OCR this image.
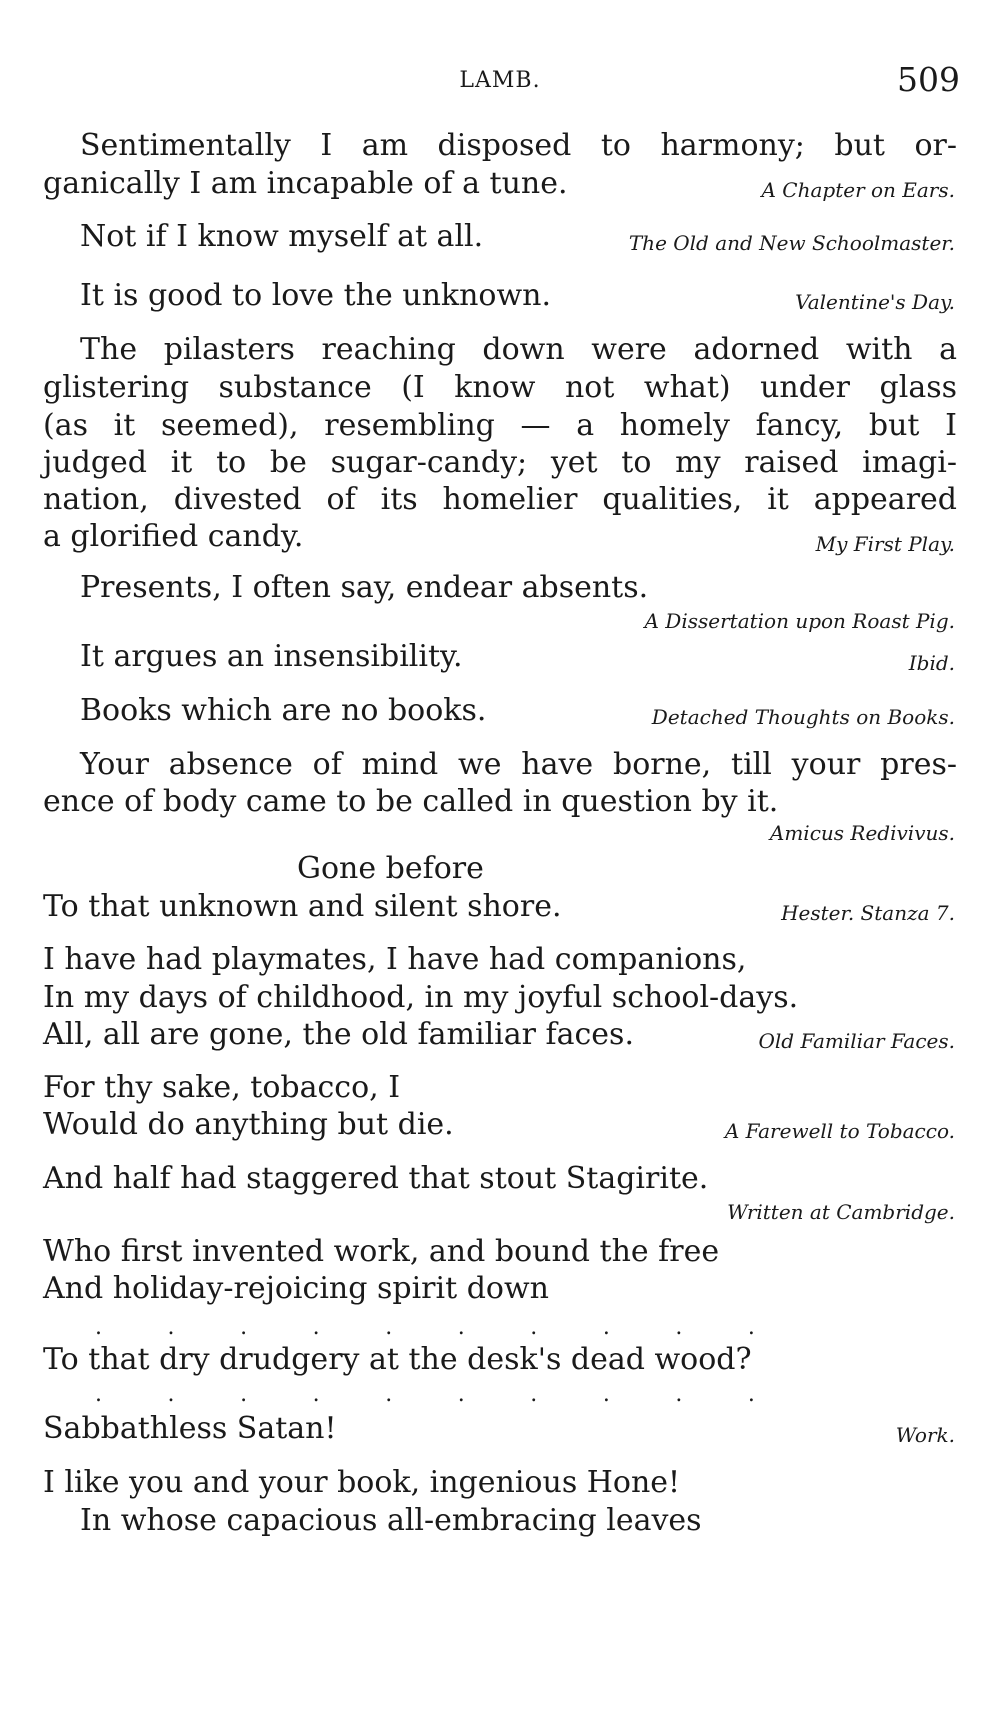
LAMB.	509
Sentimentally I am disposed to harmony; but or-
ganically I am incapable of a tune.	A Chapter on Ears.
Not if I know myself at all.	The Old and New Schoolmaster.
It is good to love the unknown.	Valentine's Day.
The pilasters reaching down were adorned with a
glistering substance (I know not what) under glass
(as it seemed), resembling — a homely fancy, but I
judged it to be sugar-candy; yet to my raised imagi-
nation, divested of its homelier qualities, it appeared
a glorified candy.	My First Play.
Presents, I often say, endear absents.
A Dissertation upon Roast Pig.
It argues an insensibility.	Ibid.
Books which are no books.	Detached Thoughts on Books.
Your absence of mind we have borne, till your pres-
ence of body came to be called in question by it.
Amicus Redivivus.
Gone before
To that unknown and silent shore.	Hester. Stanza 7.
I have had playmates, I have had companions,
In my days of childhood, in my joyful school-days.
All, all are gone, the old familiar faces.	Old Familiar Faces.
For thy sake, tobacco, I
Would do anything but die.	A Farewell to Tobacco.
And half had staggered that stout Stagirite.
Written at Cambridge.
Who first invented work, and bound the free
And holiday-rejoicing spirit down
.	.	.	.	.	.	.	.	.	.
To that dry drudgery at the desk's dead wood?
.	.	.	.	.	.	.	.	.	.
Sabbathless Satan!	Work.
I like you and your book, ingenious Hone!
In whose capacious all-embracing leaves
